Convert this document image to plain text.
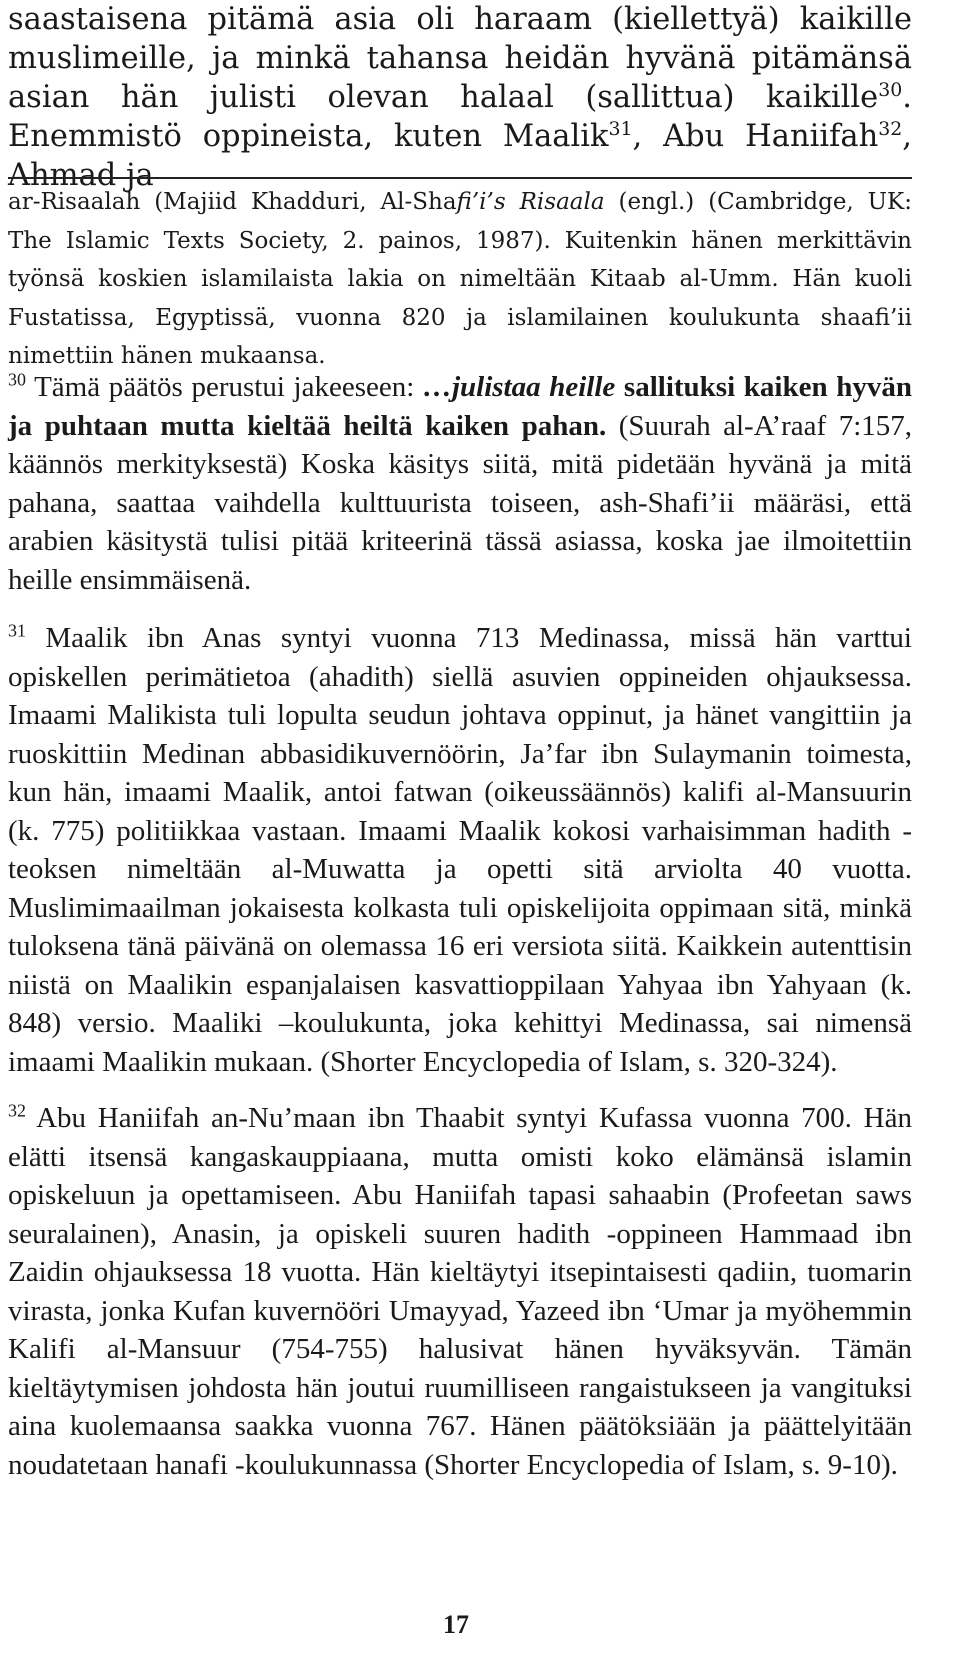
saastaisena pitämä asia oli haraam (kiellettyä) kaikille muslimeille, ja minkä tahansa heidän hyvänä pitämänsä asian hän julisti olevan halaal (sallittua) kaikille$^{30}$. Enemmistö oppineista, kuten Maalik$^{31}$, Abu Haniifah$^{32}$, Ahmad ja

ar-Risaalah (Majiid Khadduri, Al-Shafi’i’s Risaala (engl.) (Cambridge, UK: The Islamic Texts Society, 2. painos, 1987). Kuitenkin hänen merkittävin työnsä koskien islamilaista lakia on nimeltään Kitaab al-Umm. Hän kuoli Fustatissa, Egyptissä, vuonna 820 ja islamilainen koulukunta shaafi’ii nimettiin hänen mukaansa.

$^{30}$ Tämä päätös perustui jakeeseen: …julistaa heille sallituksi kaiken hyvän ja puhtaan mutta kieltää heiltä kaiken pahan. (Suurah al-A’raaf 7:157, käännös merkityksestä) Koska käsitys siitä, mitä pidetään hyvänä ja mitä pahana, saattaa vaihdella kulttuurista toiseen, ash-Shafi’ii määräsi, että arabien käsitystä tulisi pitää kriteerinä tässä asiassa, koska jae ilmoitettiin heille ensimmäisenä.

$^{31}$ Maalik ibn Anas syntyi vuonna 713 Medinassa, missä hän varttui opiskellen perimätietoa (ahadith) siellä asuvien oppineiden ohjauksessa. Imaami Malikista tuli lopulta seudun johtava oppinut, ja hänet vangittiin ja ruoskittiin Medinan abbasidikuvernöörin, Ja’far ibn Sulaymanin toimesta, kun hän, imaami Maalik, antoi fatwan (oikeussäännös) kalifi al-Mansuurin (k. 775) politiikkaa vastaan. Imaami Maalik kokosi varhaisimman hadith -teoksen nimeltään al-Muwatta ja opetti sitä arviolta 40 vuotta. Muslimimaailman jokaisesta kolkasta tuli opiskelijoita oppimaan sitä, minkä tuloksena tänä päivänä on olemassa 16 eri versiota siitä. Kaikkein autenttisin niistä on Maalikin espanjalaisen kasvattioppilaan Yahyaa ibn Yahyaan (k. 848) versio. Maaliki –koulukunta, joka kehittyi Medinassa, sai nimensä imaami Maalikin mukaan. (Shorter Encyclopedia of Islam, s. 320-324).

$^{32}$ Abu Haniifah an-Nu’maan ibn Thaabit syntyi Kufassa vuonna 700. Hän elätti itsensä kangaskauppiaana, mutta omisti koko elämänsä islamin opiskeluun ja opettamiseen. Abu Haniifah tapasi sahaabin (Profeetan saws seuralainen), Anasin, ja opiskeli suuren hadith -oppineen Hammaad ibn Zaidin ohjauksessa 18 vuotta. Hän kieltäytyi itsepintaisesti qadiin, tuomarin virasta, jonka Kufan kuvernööri Umayyad, Yazeed ibn ‘Umar ja myöhemmin Kalifi al-Mansuur (754-755) halusivat hänen hyväksyvän. Tämän kieltäytymisen johdosta hän joutui ruumilliseen rangaistukseen ja vangituksi aina kuolemaansa saakka vuonna 767. Hänen päätöksiään ja päättelyitään noudatetaan hanafi -koulukunnassa (Shorter Encyclopedia of Islam, s. 9-10).

17
